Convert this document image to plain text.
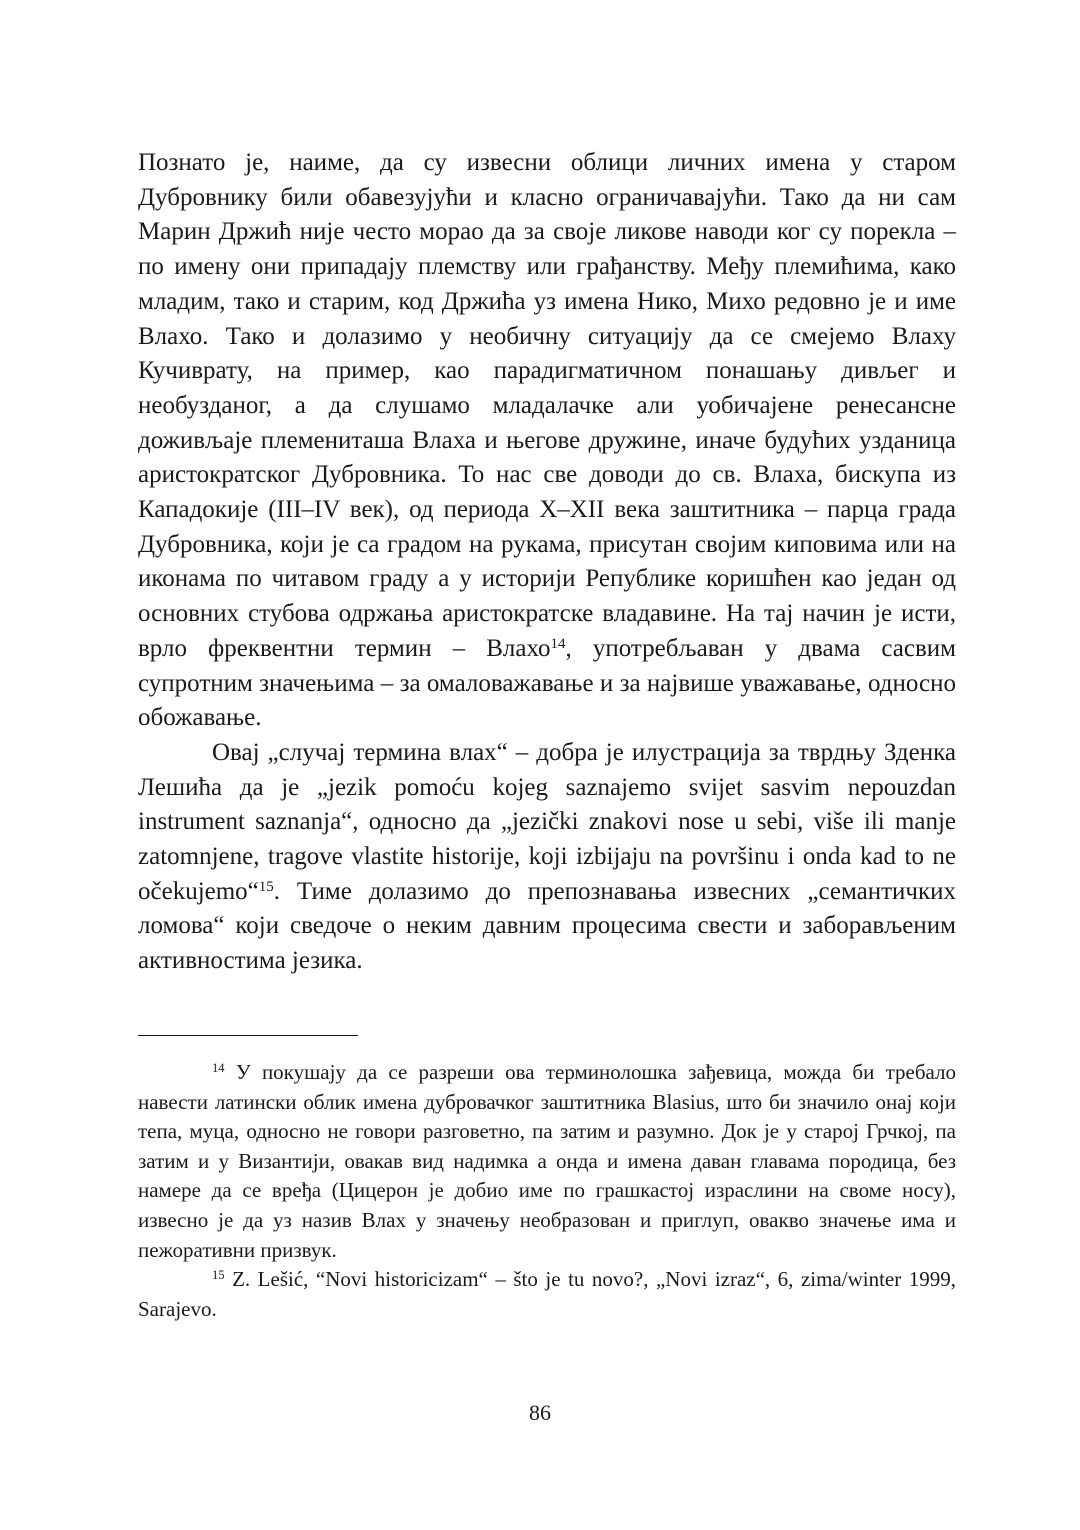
Познато је, наиме, да су извесни облици личних имена у старом Дубровнику били обавезујући и класно ограничавајући. Тако да ни сам Марин Држић није често морао да за своје ликове наводи ког су порекла – по имену они припадају племству или грађанству. Међу племићима, како младим, тако и старим, код Држића уз имена Нико, Михо редовно је и име Влахо. Тако и долазимо у необичну ситуацију да се смејемо Влаху Кучиврату, на пример, као парадигматичном понашању дивљег и необузданог, а да слушамо младалачке али уобичајене ренесансне доживљаје племениташа Влаха и његове дружине, иначе будућих узданица аристократског Дубровника. То нас све доводи до св. Влаха, бискупа из Кападокије (III–IV век), од периода X–XII века заштитника – парца града Дубровника, који је са градом на рукама, присутан својим киповима или на иконама по читавом граду а у историји Републике коришћен као један од основних стубова одржања аристократске владавине. На тај начин је исти, врло фреквентни термин – Влахо$^{14}$, употребљаван у двама сасвим супротним значењима – за омаловажавање и за највише уважавање, односно обожавање.

Овај „случај термина влах“ – добра је илустрација за тврдњу Зденка Лешића да је „jezik pomoću kojeg saznajemo svijet sasvim nepouzdan instrument saznanja“, односно да „jezički znakovi nose u sebi, više ili manje zatomnjene, tragove vlastite historije, koji izbijaju na površinu i onda kad to ne očekujemo“$^{15}$. Тиме долазимо до препознавања извесних „семантичких ломова“ који сведоче о неким давним процесима свести и заборављеним активностима језика.

$^{14}$ У покушају да се разреши ова терминолошка зађевица, можда би требало навести латински облик имена дубровачког заштитника Blasius, што би значило онај који тепа, муца, односно не говори разговетно, па затим и разумно. Док је у старој Грчкој, па затим и у Византији, овакав вид надимка а онда и имена даван главама породица, без намере да се вређа (Цицерон је добио име по грашкастој израслини на своме носу), извесно је да уз назив Влах у значењу необразован и приглуп, овакво значење има и пежоративни призвук.

$^{15}$ Z. Lešić, “Novi historicizam“ – što je tu novo?, „Novi izraz“, 6, zima/winter 1999, Sarajevo.

86
